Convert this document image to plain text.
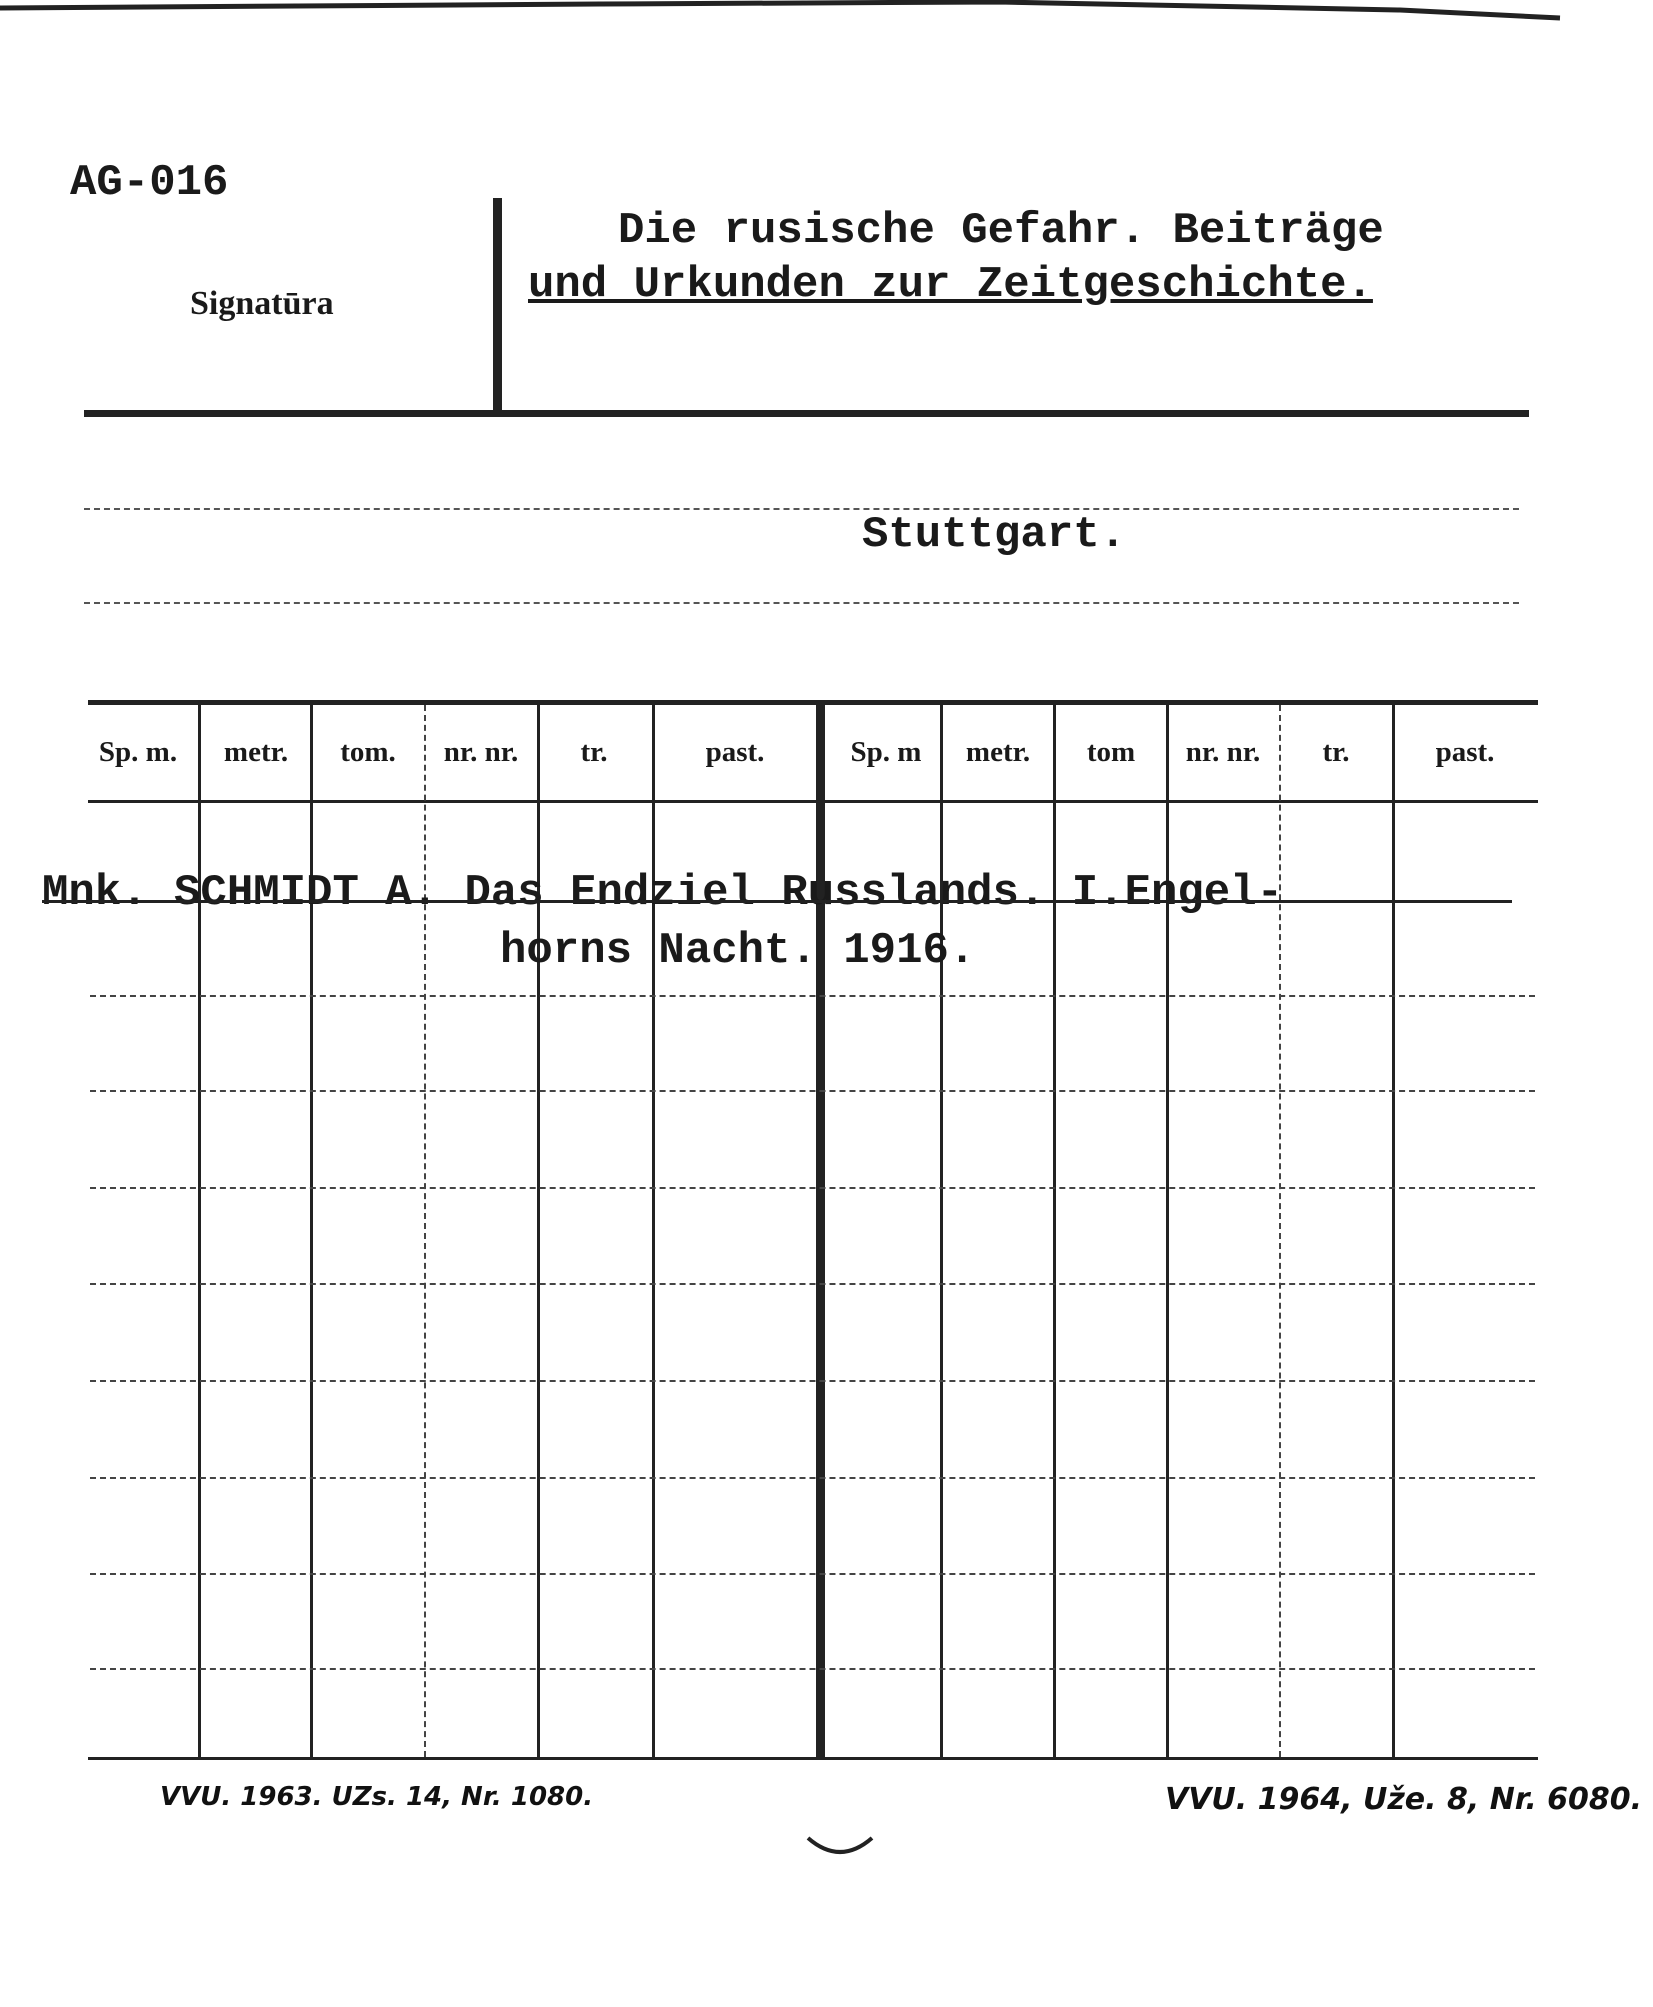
AG-016
Signatūra
Die rusische Gefahr. Beiträge
und Urkunden zur Zeitgeschichte.
Stuttgart.
Sp. m.	metr.	tom.	nr. nr.	tr.	past.	Sp. m	metr.	tom	nr. nr.	tr.	past.
Mnk. SCHMIDT A. Das Endziel Russlands. I.Engel-
horns Nacht. 1916.
VVU. 1963. UZs. 14, Nr. 1080.	VVU. 1964, Uže. 8, Nr. 6080.
